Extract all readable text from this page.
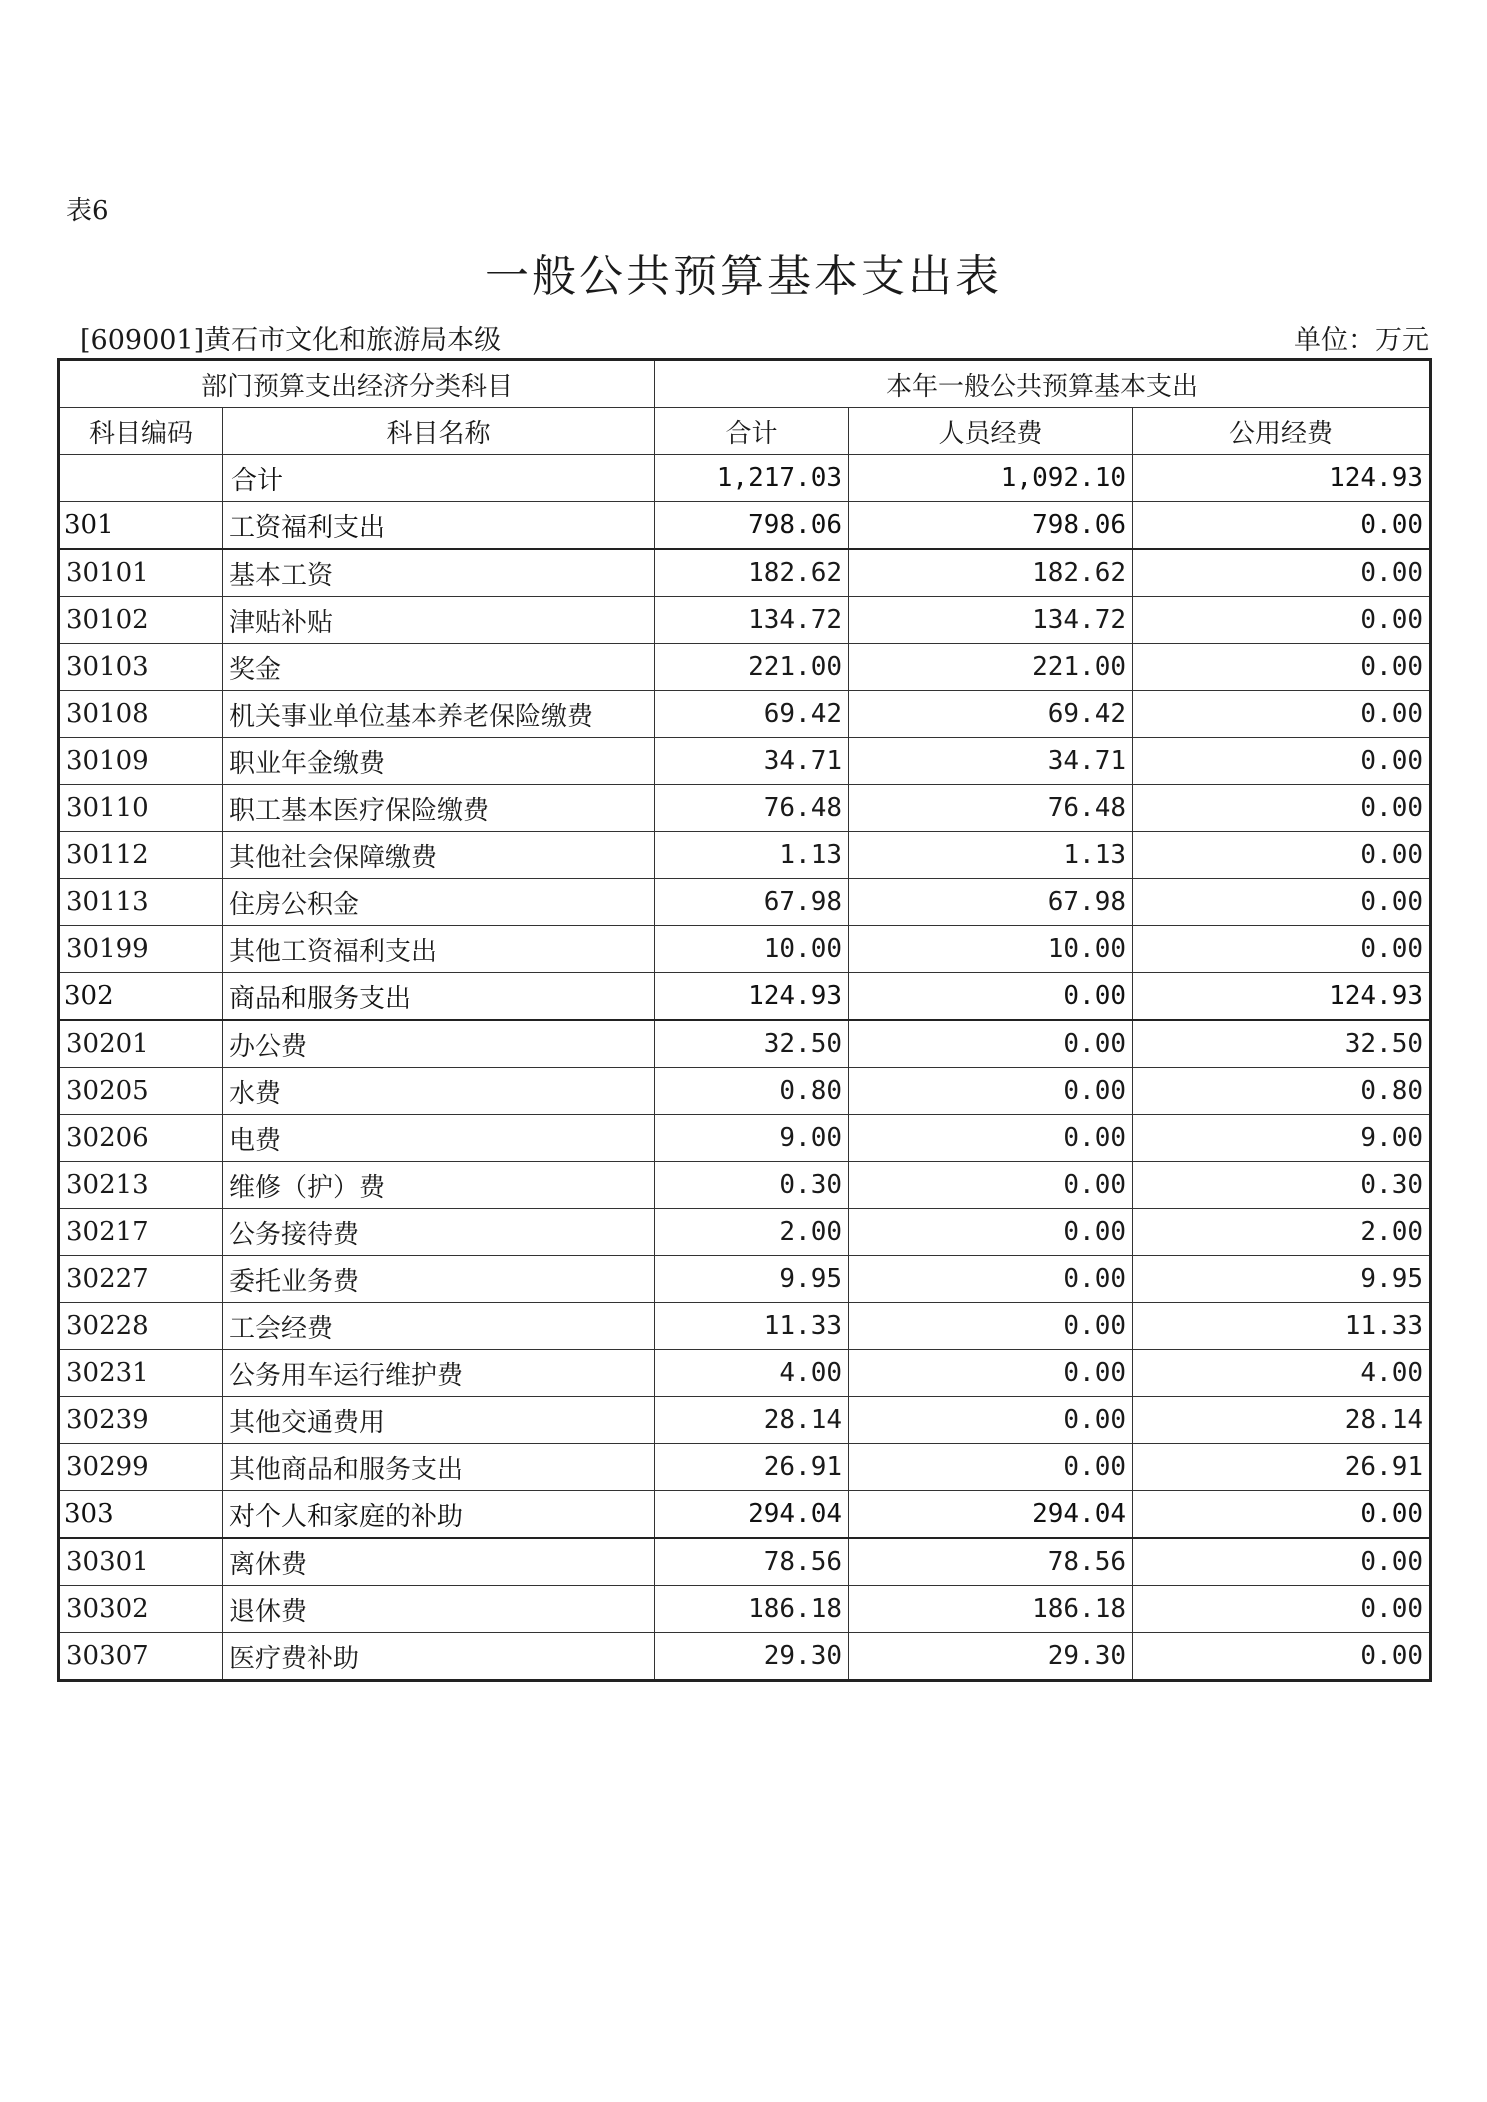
表6
一般公共预算基本支出表
[609001]黄石市文化和旅游局本级	单位：万元
部门预算支出经济分类科目		本年一般公共预算基本支出		
科目编码	科目名称	合计	人员经费	公用经费
	合计	1,217.03	1,092.10	124.93
301	工资福利支出	798.06	798.06	0.00
30101	基本工资	182.62	182.62	0.00
30102	津贴补贴	134.72	134.72	0.00
30103	奖金	221.00	221.00	0.00
30108	机关事业单位基本养老保险缴费	69.42	69.42	0.00
30109	职业年金缴费	34.71	34.71	0.00
30110	职工基本医疗保险缴费	76.48	76.48	0.00
30112	其他社会保障缴费	1.13	1.13	0.00
30113	住房公积金	67.98	67.98	0.00
30199	其他工资福利支出	10.00	10.00	0.00
302	商品和服务支出	124.93	0.00	124.93
30201	办公费	32.50	0.00	32.50
30205	水费	0.80	0.00	0.80
30206	电费	9.00	0.00	9.00
30213	维修（护）费	0.30	0.00	0.30
30217	公务接待费	2.00	0.00	2.00
30227	委托业务费	9.95	0.00	9.95
30228	工会经费	11.33	0.00	11.33
30231	公务用车运行维护费	4.00	0.00	4.00
30239	其他交通费用	28.14	0.00	28.14
30299	其他商品和服务支出	26.91	0.00	26.91
303	对个人和家庭的补助	294.04	294.04	0.00
30301	离休费	78.56	78.56	0.00
30302	退休费	186.18	186.18	0.00
30307	医疗费补助	29.30	29.30	0.00
